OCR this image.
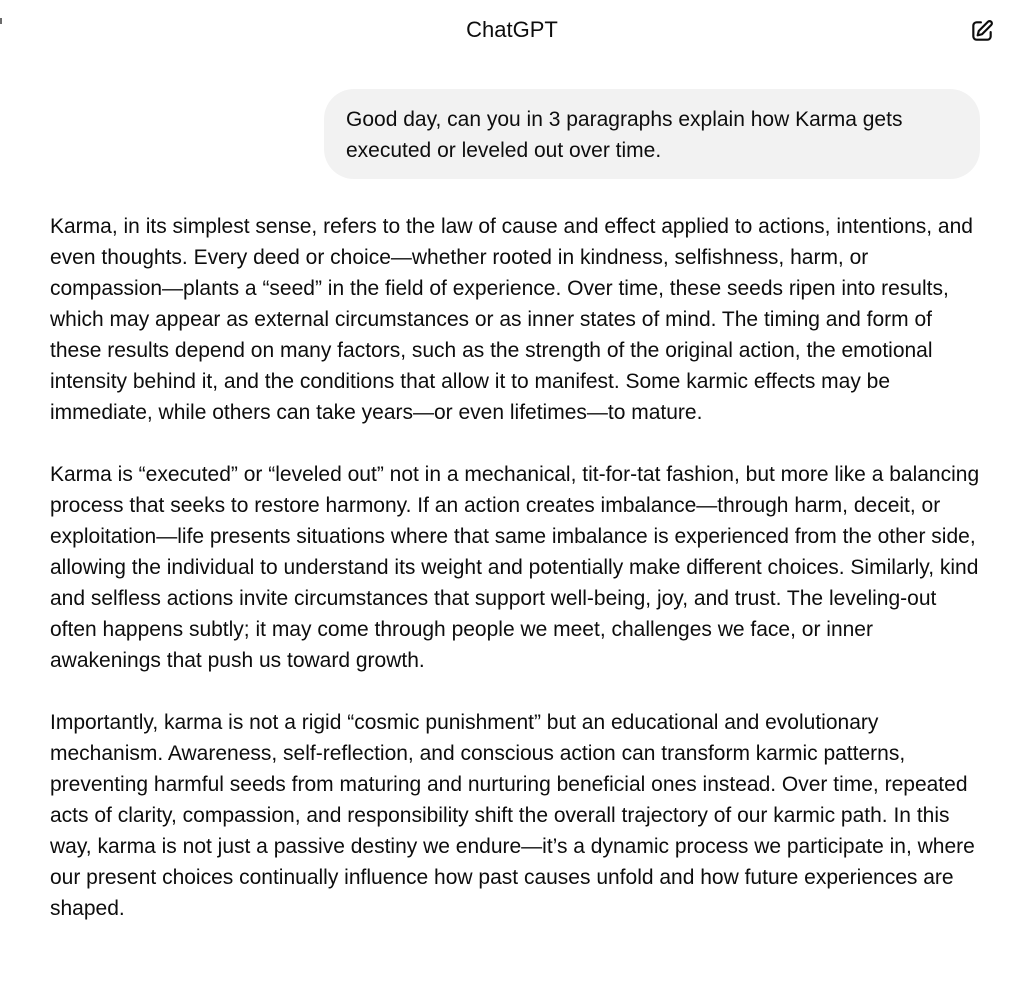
ChatGPT
Good day, can you in 3 paragraphs explain how Karma gets executed or leveled out over time.

Karma, in its simplest sense, refers to the law of cause and effect applied to actions, intentions, and even thoughts. Every deed or choice—whether rooted in kindness, selfishness, harm, or compassion—plants a “seed” in the field of experience. Over time, these seeds ripen into results, which may appear as external circumstances or as inner states of mind. The timing and form of these results depend on many factors, such as the strength of the original action, the emotional intensity behind it, and the conditions that allow it to manifest. Some karmic effects may be immediate, while others can take years—or even lifetimes—to mature.

Karma is “executed” or “leveled out” not in a mechanical, tit-for-tat fashion, but more like a balancing process that seeks to restore harmony. If an action creates imbalance—through harm, deceit, or exploitation—life presents situations where that same imbalance is experienced from the other side, allowing the individual to understand its weight and potentially make different choices. Similarly, kind and selfless actions invite circumstances that support well-being, joy, and trust. The leveling-out often happens subtly; it may come through people we meet, challenges we face, or inner awakenings that push us toward growth.

Importantly, karma is not a rigid “cosmic punishment” but an educational and evolutionary mechanism. Awareness, self-reflection, and conscious action can transform karmic patterns, preventing harmful seeds from maturing and nurturing beneficial ones instead. Over time, repeated acts of clarity, compassion, and responsibility shift the overall trajectory of our karmic path. In this way, karma is not just a passive destiny we endure—it’s a dynamic process we participate in, where our present choices continually influence how past causes unfold and how future experiences are shaped.
